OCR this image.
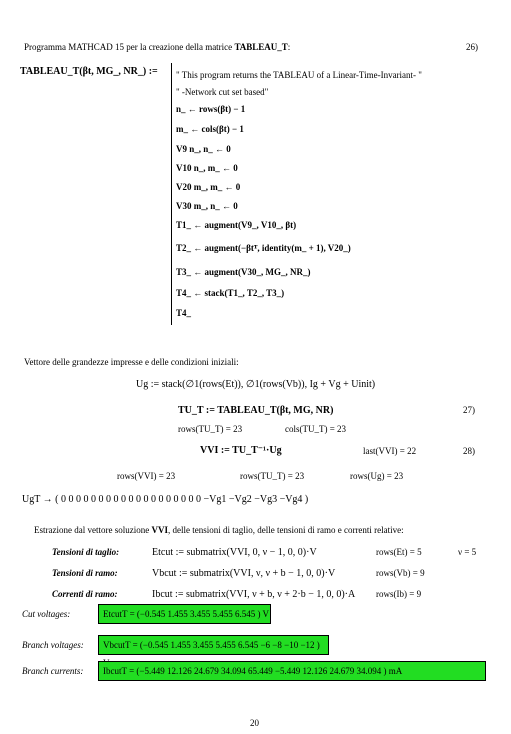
Programma MATHCAD 15 per la creazione della matrice TABLEAU_T:	26)
TABLEAU_T(βt, MG_, NR_) := " This program returns the TABLEAU of a Linear-Time-Invariant- "
" -Network cut set based"
n_ ← rows(βt) − 1
m_ ← cols(βt) − 1
V9 n_, n_ ← 0
V10 n_, m_ ← 0
V20 m_, m_ ← 0
V30 m_, n_ ← 0
T1_ ← augment(V9_, V10_, βt)
T2_ ← augment(−βtᵀ, identity(m_ + 1), V20_)
T3_ ← augment(V30_, MG_, NR_)
T4_ ← stack(T1_, T2_, T3_)
T4_
Vettore delle grandezze impresse e delle condizioni iniziali:
Ug := stack(∅1(rows(Et)), ∅1(rows(Vb)), Ig + Vg + Uinit)
TU_T := TABLEAU_T(βt, MG, NR)	27)
rows(TU_T) = 23	cols(TU_T) = 23
VVI := TU_T⁻¹·Ug	last(VVI) = 22	28)
rows(VVI) = 23	rows(TU_T) = 23	rows(Ug) = 23
UgT → ( 0 0 0 0 0 0 0 0 0 0 0 0 0 0 0 0 0 0 0 −Vg1 −Vg2 −Vg3 −Vg4 )
Estrazione dal vettore soluzione VVI, delle tensioni di taglio, delle tensioni di ramo e correnti relative:
Tensioni di taglio:	Etcut := submatrix(VVI, 0, ν − 1, 0, 0)·V	rows(Et) = 5	ν = 5
Tensioni di ramo:	Vbcut := submatrix(VVI, ν, ν + b − 1, 0, 0)·V	rows(Vb) = 9
Correnti di ramo:	Ibcut := submatrix(VVI, ν + b, ν + 2·b − 1, 0, 0)·A rows(Ib) = 9
Cut voltages:	EtcutT = (−0.545 1.455 3.455 5.455 6.545 ) V
Branch voltages:	VbcutT = (−0.545 1.455 3.455 5.455 6.545 −6 −8 −10 −12 )
Branch currents:	IbcutT = (−5.449 12.126 24.679 34.094 65.449 −5.449 12.126 24.679 34.094 ) mA
20
